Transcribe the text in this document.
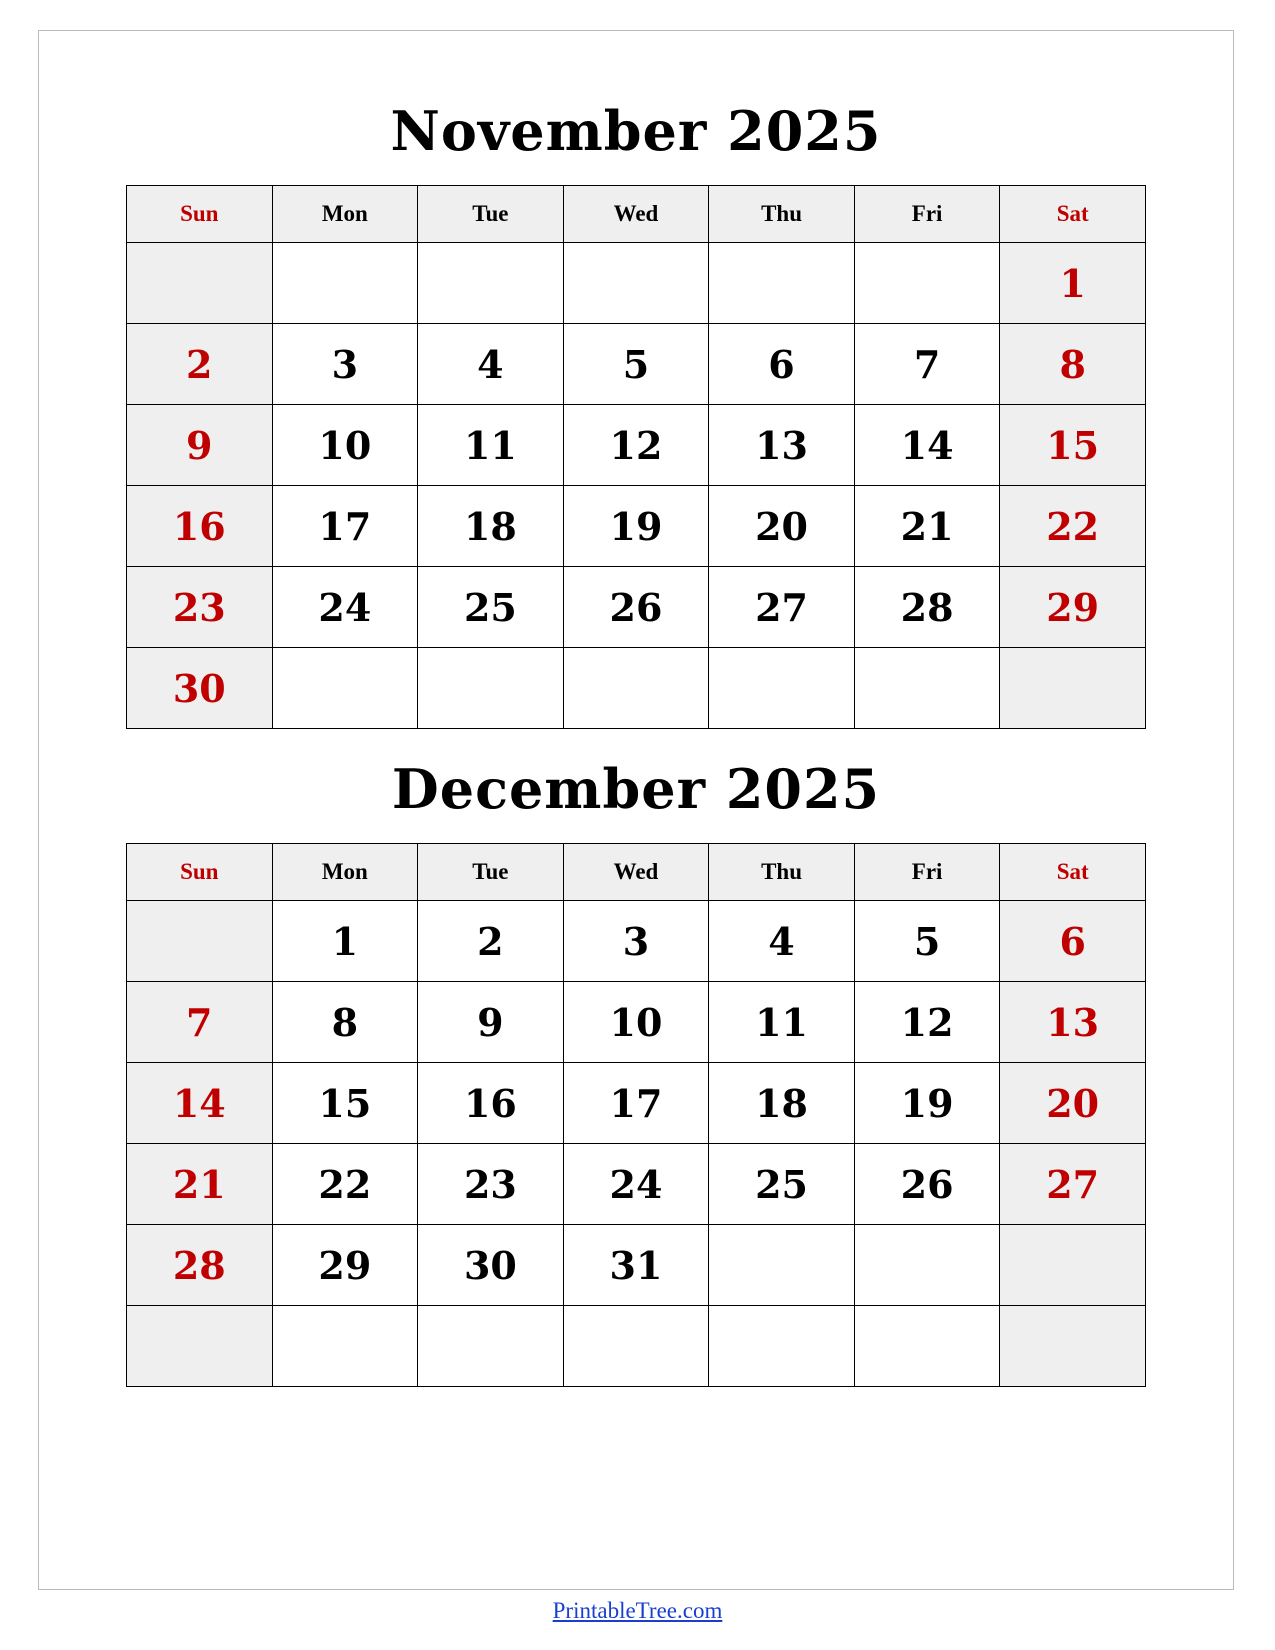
November 2025
Sun	Mon	Tue	Wed	Thu	Fri	Sat
						1
2	3	4	5	6	7	8
9	10	11	12	13	14	15
16	17	18	19	20	21	22
23	24	25	26	27	28	29
30						
December 2025
Sun	Mon	Tue	Wed	Thu	Fri	Sat
	1	2	3	4	5	6
7	8	9	10	11	12	13
14	15	16	17	18	19	20
21	22	23	24	25	26	27
28	29	30	31			

PrintableTree.com
